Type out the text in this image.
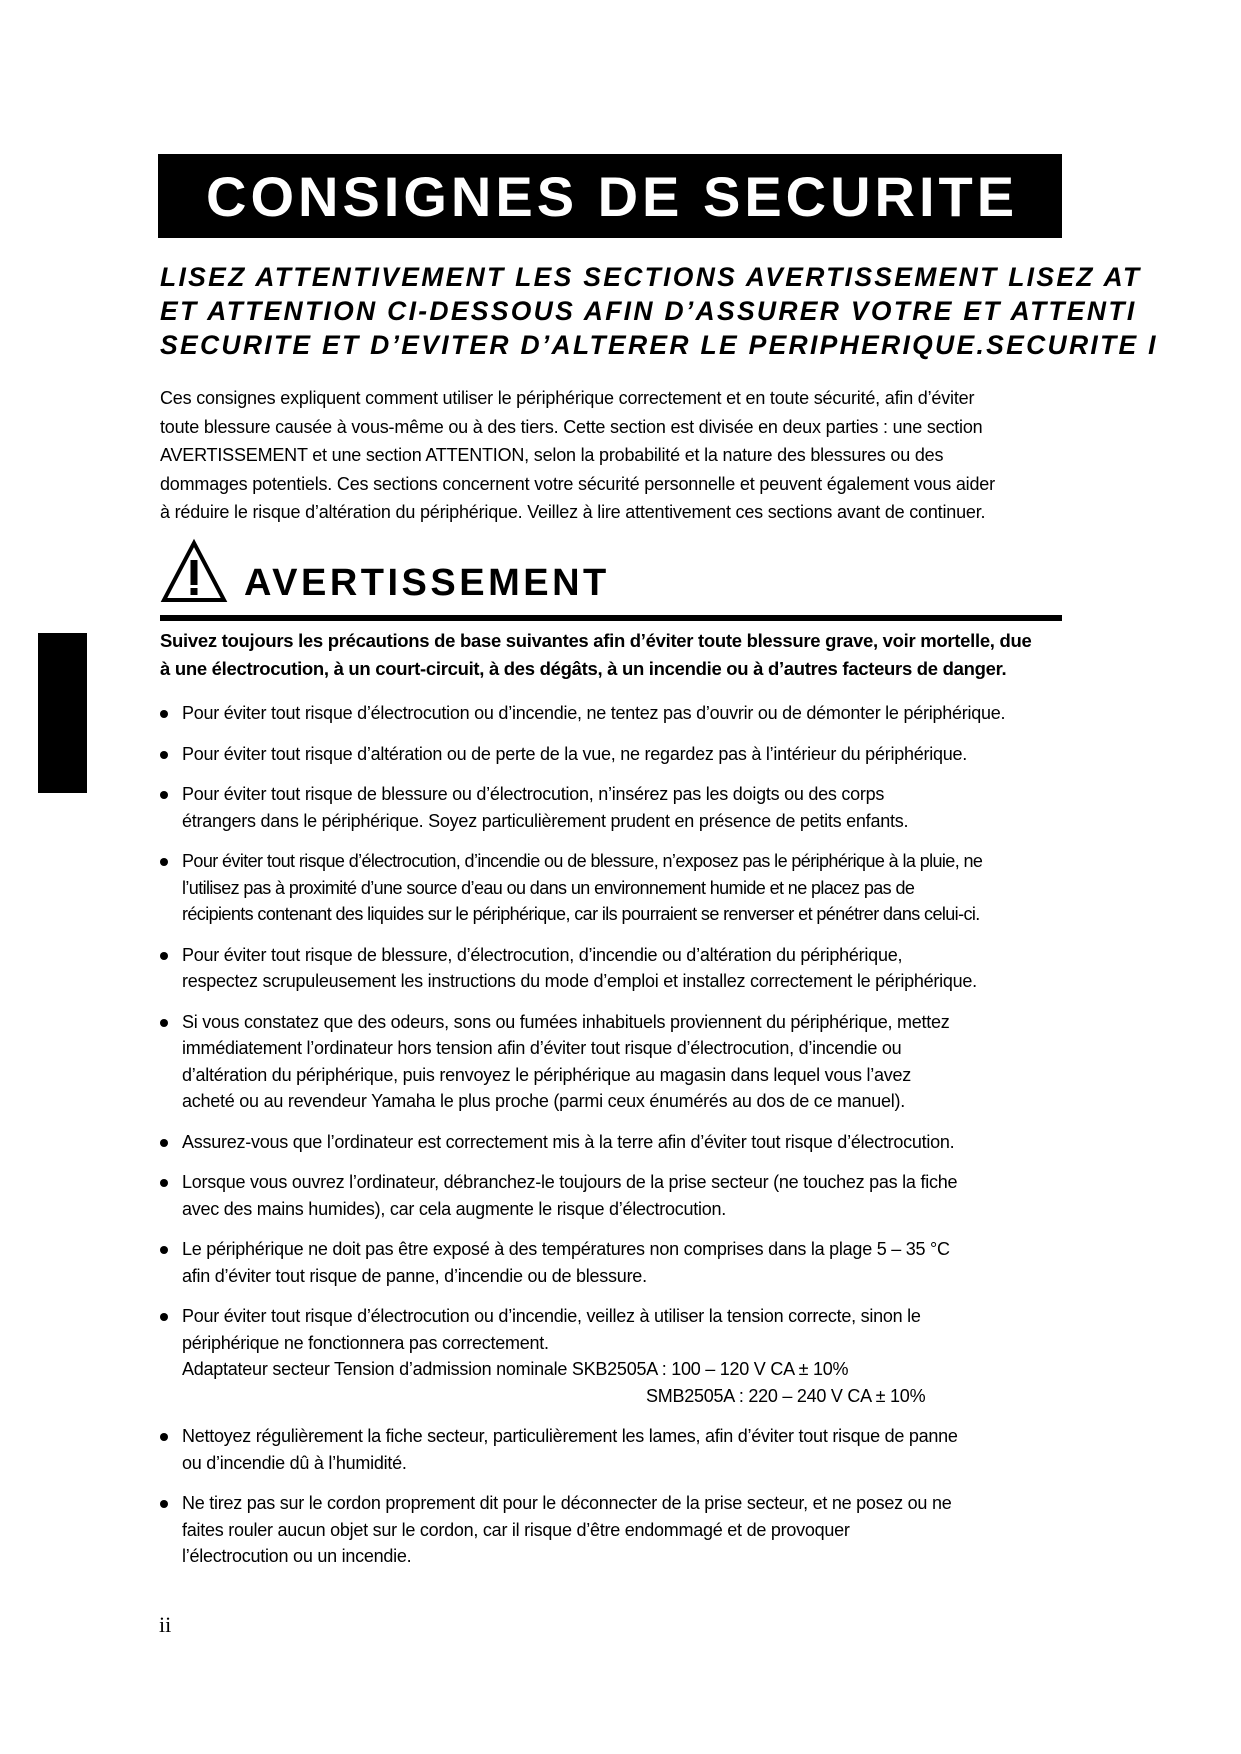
CONSIGNES DE SECURITE
LISEZ ATTENTIVEMENT LES SECTIONS AVERTISSEMENT LISEZ AT
ET ATTENTION CI-DESSOUS AFIN D’ASSURER VOTRE ET ATTENTI
SECURITE ET D’EVITER D’ALTERER LE PERIPHERIQUE.SECURITE I
Ces consignes expliquent comment utiliser le périphérique correctement et en toute sécurité, afin d’éviter
toute blessure causée à vous-même ou à des tiers. Cette section est divisée en deux parties : une section
AVERTISSEMENT et une section ATTENTION, selon la probabilité et la nature des blessures ou des
dommages potentiels. Ces sections concernent votre sécurité personnelle et peuvent également vous aider
à réduire le risque d’altération du périphérique. Veillez à lire attentivement ces sections avant de continuer.
AVERTISSEMENT
Suivez toujours les précautions de base suivantes afin d’éviter toute blessure grave, voir mortelle, due
à une électrocution, à un court-circuit, à des dégâts, à un incendie ou à d’autres facteurs de danger.
Pour éviter tout risque d’électrocution ou d’incendie, ne tentez pas d’ouvrir ou de démonter le périphérique.
Pour éviter tout risque d’altération ou de perte de la vue, ne regardez pas à l’intérieur du périphérique.
Pour éviter tout risque de blessure ou d’électrocution, n’insérez pas les doigts ou des corps
étrangers dans le périphérique. Soyez particulièrement prudent en présence de petits enfants.
Pour éviter tout risque d’électrocution, d’incendie ou de blessure, n’exposez pas le périphérique à la pluie, ne
l’utilisez pas à proximité d’une source d’eau ou dans un environnement humide et ne placez pas de
récipients contenant des liquides sur le périphérique, car ils pourraient se renverser et pénétrer dans celui-ci.
Pour éviter tout risque de blessure, d’électrocution, d’incendie ou d’altération du périphérique,
respectez scrupuleusement les instructions du mode d’emploi et installez correctement le périphérique.
Si vous constatez que des odeurs, sons ou fumées inhabituels proviennent du périphérique, mettez
immédiatement l’ordinateur hors tension afin d’éviter tout risque d’électrocution, d’incendie ou
d’altération du périphérique, puis renvoyez le périphérique au magasin dans lequel vous l’avez
acheté ou au revendeur Yamaha le plus proche (parmi ceux énumérés au dos de ce manuel).
Assurez-vous que l’ordinateur est correctement mis à la terre afin d’éviter tout risque d’électrocution.
Lorsque vous ouvrez l’ordinateur, débranchez-le toujours de la prise secteur (ne touchez pas la fiche
avec des mains humides), car cela augmente le risque d’électrocution.
Le périphérique ne doit pas être exposé à des températures non comprises dans la plage 5 – 35 °C
afin d’éviter tout risque de panne, d’incendie ou de blessure.
Pour éviter tout risque d’électrocution ou d’incendie, veillez à utiliser la tension correcte, sinon le
périphérique ne fonctionnera pas correctement.
Adaptateur secteur Tension d’admission nominale SKB2505A : 100 – 120 V CA ± 10%
SMB2505A : 220 – 240 V CA ± 10%
Nettoyez régulièrement la fiche secteur, particulièrement les lames, afin d’éviter tout risque de panne
ou d’incendie dû à l’humidité.
Ne tirez pas sur le cordon proprement dit pour le déconnecter de la prise secteur, et ne posez ou ne
faites rouler aucun objet sur le cordon, car il risque d’être endommagé et de provoquer
l’électrocution ou un incendie.
ii
